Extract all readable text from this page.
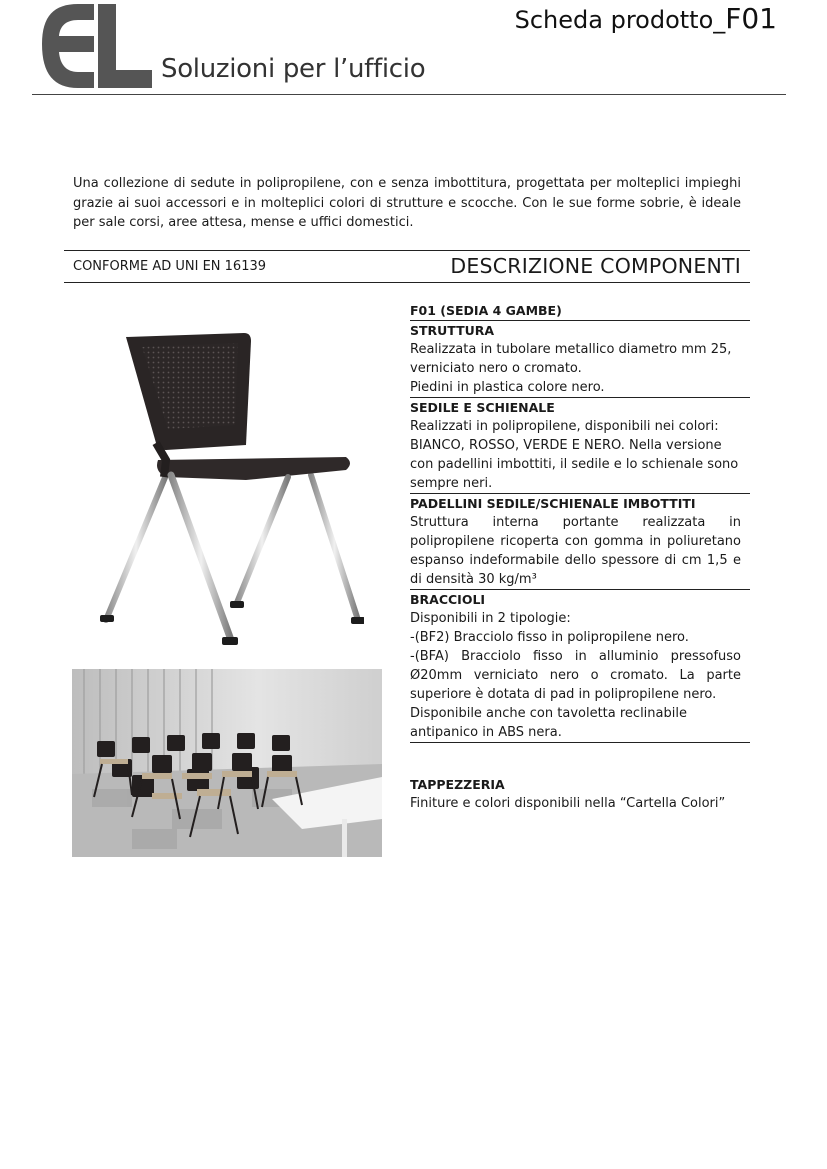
Soluzioni per l’ufficio
Scheda prodotto_F01
Una collezione di sedute in polipropilene, con e senza imbottitura, progettata per molteplici impieghi grazie ai suoi accessori e in molteplici colori di strutture e scocche. Con le sue forme sobrie, è ideale per sale corsi, aree attesa, mense e uffici domestici.
CONFORME AD UNI EN 16139	DESCRIZIONE COMPONENTI
F01 (SEDIA 4 GAMBE)
STRUTTURA
Realizzata in tubolare metallico diametro mm 25,
verniciato nero o cromato.
Piedini in plastica colore nero.
SEDILE E SCHIENALE
Realizzati in polipropilene, disponibili nei colori: BIANCO, ROSSO, VERDE E NERO. Nella versione con padellini imbottiti, il sedile e lo schienale sono sempre neri.
PADELLINI SEDILE/SCHIENALE IMBOTTITI
Struttura interna portante realizzata in polipropilene ricoperta con gomma in poliuretano espanso indeformabile dello spessore di cm 1,5 e di densità 30 kg/m³
BRACCIOLI
Disponibili in 2 tipologie:
-(BF2) Bracciolo fisso in polipropilene nero.
-(BFA) Bracciolo fisso in alluminio pressofuso Ø20mm verniciato nero o cromato. La parte superiore è dotata di pad in polipropilene nero.
Disponibile anche con tavoletta reclinabile antipanico in ABS nera.
TAPPEZZERIA
Finiture e colori disponibili nella “Cartella Colori”
